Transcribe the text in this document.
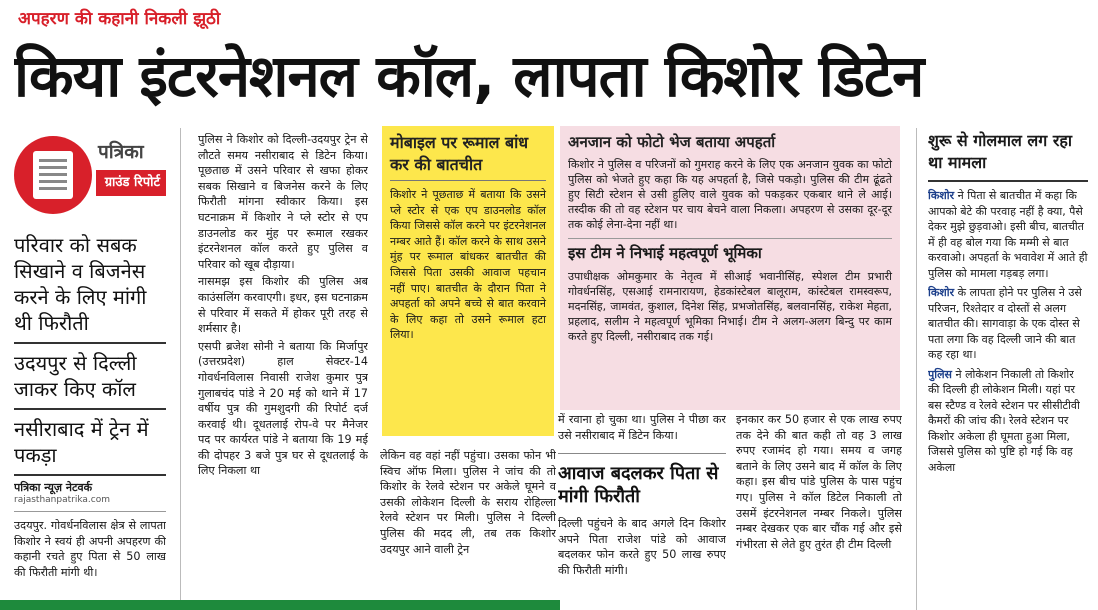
अपहरण की कहानी निकली झूठी
किया इंटरनेशनल कॉल, लापता किशोर डिटेन
पत्रिका
ग्राउंड रिपोर्ट
परिवार को सबक सिखाने व बिजनेस करने के लिए मांगी थी फिरौती
उदयपुर से दिल्ली जाकर किए कॉल
नसीराबाद में ट्रेन में पकड़ा
पत्रिका न्यूज़ नेटवर्क
rajasthanpatrika.com

उदयपुर. गोवर्धनविलास क्षेत्र से लापता किशोर ने स्वयं ही अपनी अपहरण की कहानी रचते हुए पिता से 50 लाख की फिरौती मांगी थी।

पुलिस ने किशोर को दिल्ली-उदयपुर ट्रेन से लौटते समय नसीराबाद से डिटेन किया। पूछताछ में उसने परिवार से खफा होकर सबक सिखाने व बिजनेस करने के लिए फिरौती मांगना स्वीकार किया। इस घटनाक्रम में किशोर ने प्ले स्टोर से एप डाउनलोड कर मुंह पर रूमाल रखकर इंटरनेशनल कॉल करते हुए पुलिस व परिवार को खूब दौड़ाया।

नासमझ इस किशोर की पुलिस अब काउंसलिंग करवाएगी। इधर, इस घटनाक्रम से परिवार में सकते में होकर पूरी तरह से शर्मसार है।

एसपी ब्रजेश सोनी ने बताया कि मिर्जापुर (उत्तरप्रदेश) हाल सेक्टर-14 गोवर्धनविलास निवासी राजेश कुमार पुत्र गुलाबचंद पांडे ने 20 मई को थाने में 17 वर्षीय पुत्र की गुमशुदगी की रिपोर्ट दर्ज करवाई थी। दूधतलाई रोप-वे पर मैनेजर पद पर कार्यरत पांडे ने बताया कि 19 मई की दोपहर 3 बजे पुत्र घर से दूधतलाई के लिए निकला था

मोबाइल पर रूमाल बांध कर की बातचीत

किशोर ने पूछताछ में बताया कि उसने प्ले स्टोर से एक एप डाउनलोड कॉल किया जिससे कॉल करने पर इंटरनेशनल नम्बर आते हैं। कॉल करने के साथ उसने मुंह पर रूमाल बांधकर बातचीत की जिससे पिता उसकी आवाज पहचान नहीं पाए। बातचीत के दौरान पिता ने अपहर्ता को अपने बच्चे से बात करवाने के लिए कहा तो उसने रूमाल हटा लिया।

लेकिन वह वहां नहीं पहुंचा। उसका फोन भी स्विच ऑफ मिला। पुलिस ने जांच की तो किशोर के रेलवे स्टेशन पर अकेले घूमने व उसकी लोकेशन दिल्ली के सराय रोहिल्ला रेलवे स्टेशन पर मिली। पुलिस ने दिल्ली पुलिस की मदद ली, तब तक किशोर उदयपुर आने वाली ट्रेन

अनजान को फोटो भेज बताया अपहर्ता

किशोर ने पुलिस व परिजनों को गुमराह करने के लिए एक अनजान युवक का फोटो पुलिस को भेजते हुए कहा कि यह अपहर्ता है, जिसे पकड़ो। पुलिस की टीम ढूंढते हुए सिटी स्टेशन से उसी हुलिए वाले युवक को पकड़कर एकबार थाने ले आई। तस्दीक की तो वह स्टेशन पर चाय बेचने वाला निकला। अपहरण से उसका दूर-दूर तक कोई लेना-देना नहीं था।

इस टीम ने निभाई महत्वपूर्ण भूमिका

उपाधीक्षक ओमकुमार के नेतृत्व में सीआई भवानीसिंह, स्पेशल टीम प्रभारी गोवर्धनसिंह, एसआई रामनारायण, हेडकांस्टेबल बालूराम, कांस्टेबल रामस्वरूप, मदनसिंह, जामवंत, कुशाल, दिनेश सिंह, प्रभजोतसिंह, बलवानसिंह, राकेश मेहता, प्रहलाद, सलीम ने महत्वपूर्ण भूमिका निभाई। टीम ने अलग-अलग बिन्दु पर काम करते हुए दिल्ली, नसीराबाद तक गई।

में रवाना हो चुका था। पुलिस ने पीछा कर उसे नसीराबाद में डिटेन किया।

आवाज बदलकर पिता से मांगी फिरौती

दिल्ली पहुंचने के बाद अगले दिन किशोर अपने पिता राजेश पांडे को आवाज बदलकर फोन करते हुए 50 लाख रुपए की फिरौती मांगी।

इनकार कर 50 हजार से एक लाख रुपए तक देने की बात कही तो वह 3 लाख रुपए रजामंद हो गया। समय व जगह बताने के लिए उसने बाद में कॉल के लिए कहा। इस बीच पांडे पुलिस के पास पहुंच गए। पुलिस ने कॉल डिटेल निकाली तो उसमें इंटरनेशनल नम्बर निकले। पुलिस नम्बर देखकर एक बार चौंक गई और इसे गंभीरता से लेते हुए तुरंत ही टीम दिल्ली

शुरू से गोलमाल लग रहा था मामला

किशोर ने पिता से बातचीत में कहा कि आपको बेटे की परवाह नहीं है क्या, पैसे देकर मुझे छुड़वाओ। इसी बीच, बातचीत में ही वह बोल गया कि मम्मी से बात करवाओ। अपहर्ता के भवावेश में आते ही पुलिस को मामला गड़बड़ लगा।

किशोर के लापता होने पर पुलिस ने उसे परिजन, रिश्तेदार व दोस्तों से अलग बातचीत की। सागवाड़ा के एक दोस्त से पता लगा कि वह दिल्ली जाने की बात कह रहा था।

पुलिस ने लोकेशन निकाली तो किशोर की दिल्ली ही लोकेशन मिली। यहां पर बस स्टैण्ड व रेलवे स्टेशन पर सीसीटीवी कैमरों की जांच की। रेलवे स्टेशन पर किशोर अकेला ही घूमता हुआ मिला, जिससे पुलिस को पुष्टि हो गई कि वह अकेला
